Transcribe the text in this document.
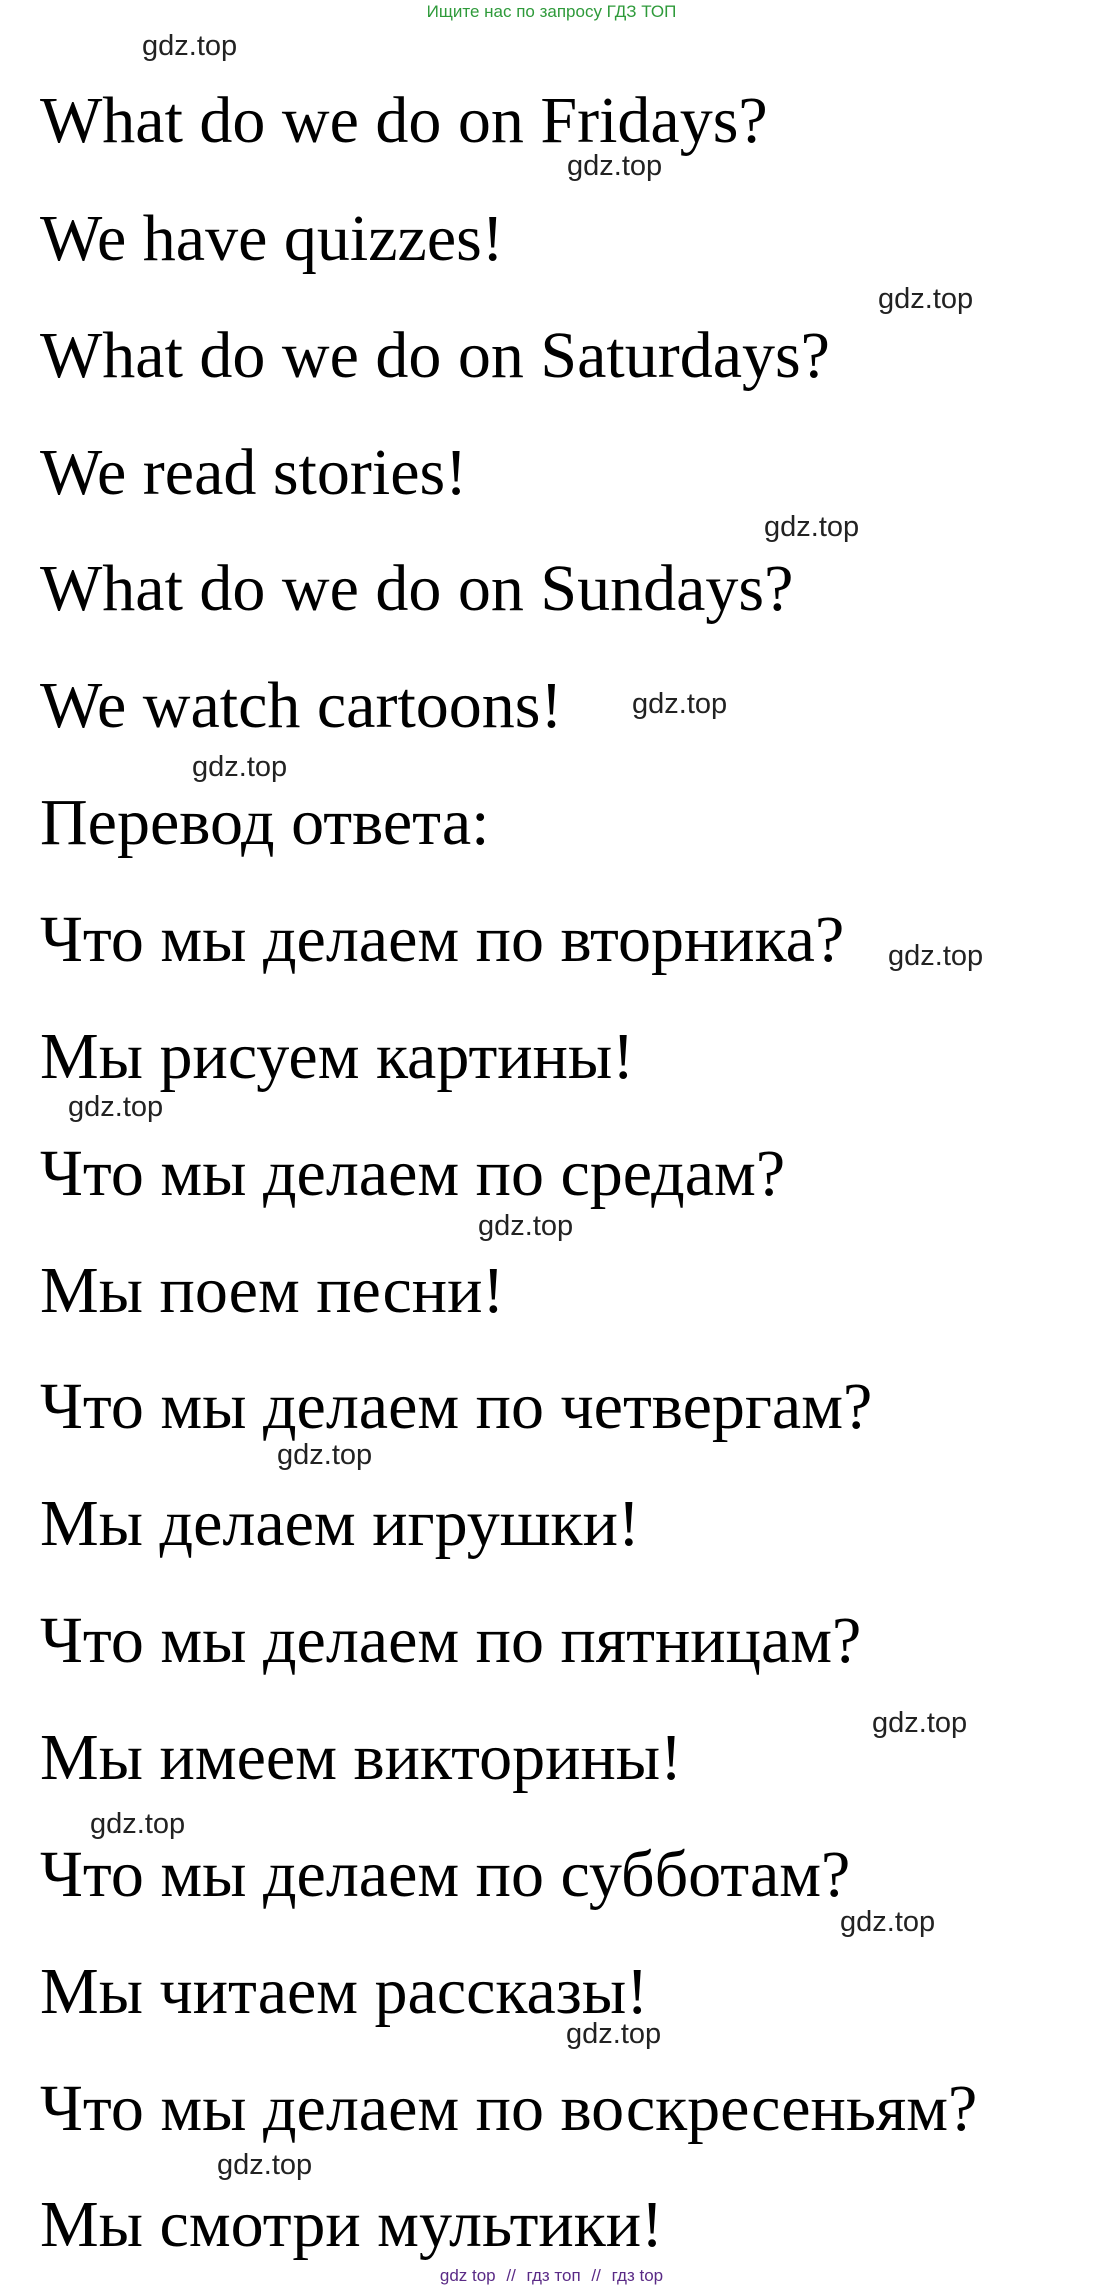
Ищите нас по запросу ГДЗ ТОП

What do we do on Fridays?

We have quizzes!

What do we do on Saturdays?

We read stories!

What do we do on Sundays?

We watch cartoons!

Перевод ответа:

Что мы делаем по вторника?

Мы рисуем картины!

Что мы делаем по средам?

Мы поем песни!

Что мы делаем по четвергам?

Мы делаем игрушки!

Что мы делаем по пятницам?

Мы имеем викторины!

Что мы делаем по субботам?

Мы читаем рассказы!

Что мы делаем по воскресеньям?

Мы смотри мультики!

gdz.top
gdz.top
gdz.top
gdz.top
gdz.top
gdz.top
gdz.top
gdz.top
gdz.top
gdz.top
gdz.top
gdz.top
gdz.top
gdz.top
gdz.top
gdz top // гдз топ // гдз top
